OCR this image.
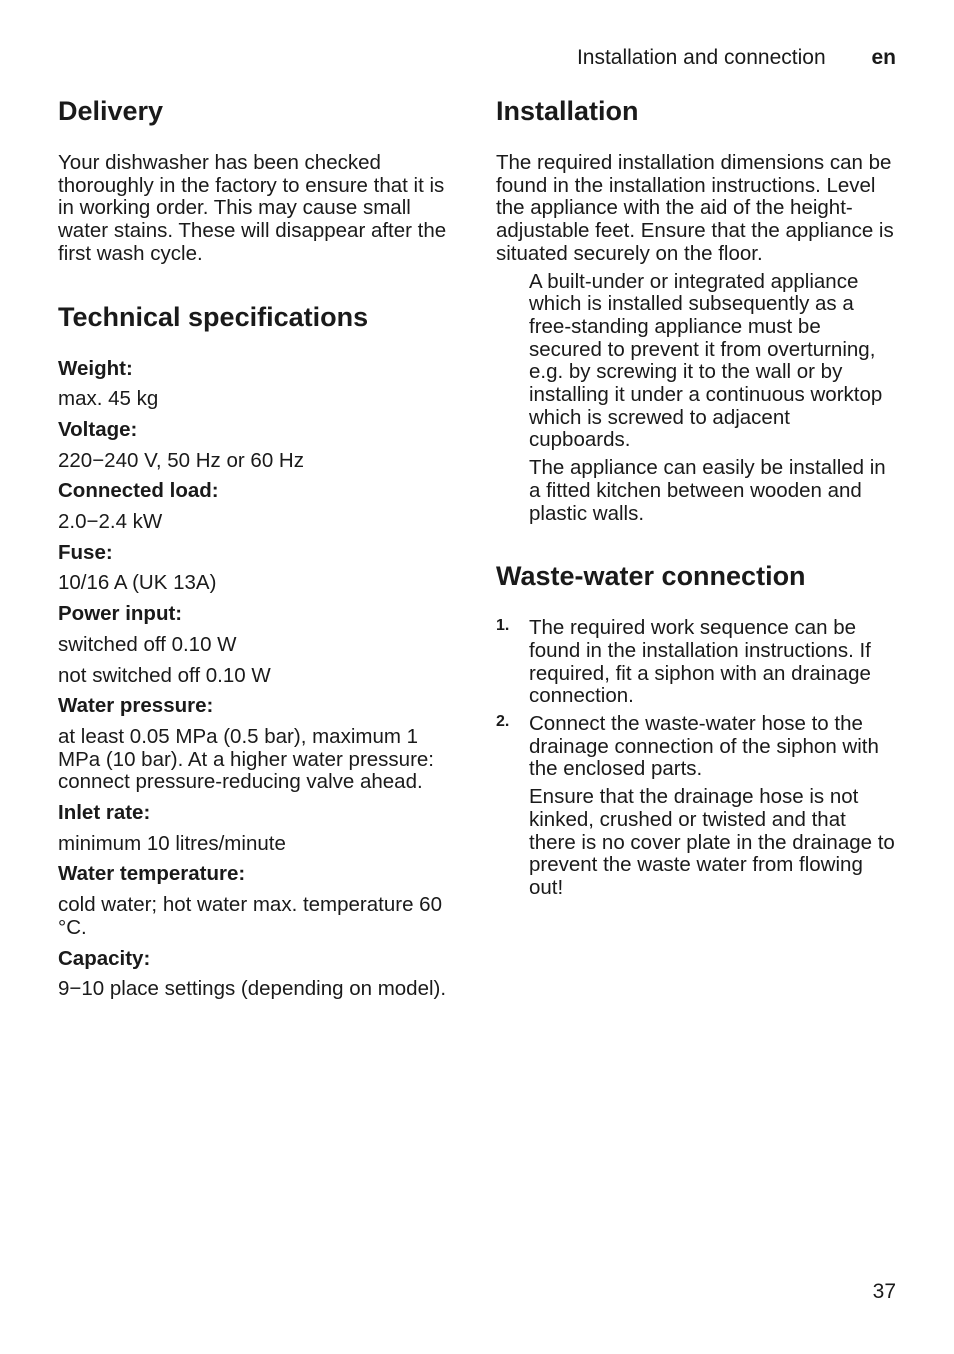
Installation and connection en
Delivery

Your dishwasher has been checked thoroughly in the factory to ensure that it is in working order. This may cause small water stains. These will disappear after the first wash cycle.

Technical specifications
Weight:
max. 45 kg
Voltage:
220−240 V, 50 Hz or 60 Hz
Connected load:
2.0−2.4 kW
Fuse:
10/16 A (UK 13A)
Power input:
switched off 0.10 W
not switched off 0.10 W
Water pressure:
at least 0.05 MPa (0.5 bar), maximum 1 MPa (10 bar). At a higher water pressure: connect pressure-reducing valve ahead.
Inlet rate:
minimum 10 litres/minute
Water temperature:
cold water; hot water max. temperature 60 °C.
Capacity:
9−10 place settings (depending on model).
Installation

The required installation dimensions can be found in the installation instructions. Level the appliance with the aid of the height-adjustable feet. Ensure that the appliance is situated securely on the floor.

A built-under or integrated appliance which is installed subsequently as a free-standing appliance must be secured to prevent it from overturning, e.g. by screwing it to the wall or by installing it under a continuous worktop which is screwed to adjacent cupboards.

The appliance can easily be installed in a fitted kitchen between wooden and plastic walls.

Waste-water connection
1. The required work sequence can be found in the installation instructions. If required, fit a siphon with an drainage connection.

2. Connect the waste-water hose to the drainage connection of the siphon with the enclosed parts.

Ensure that the drainage hose is not kinked, crushed or twisted and that there is no cover plate in the drainage to prevent the waste water from flowing out!

37
